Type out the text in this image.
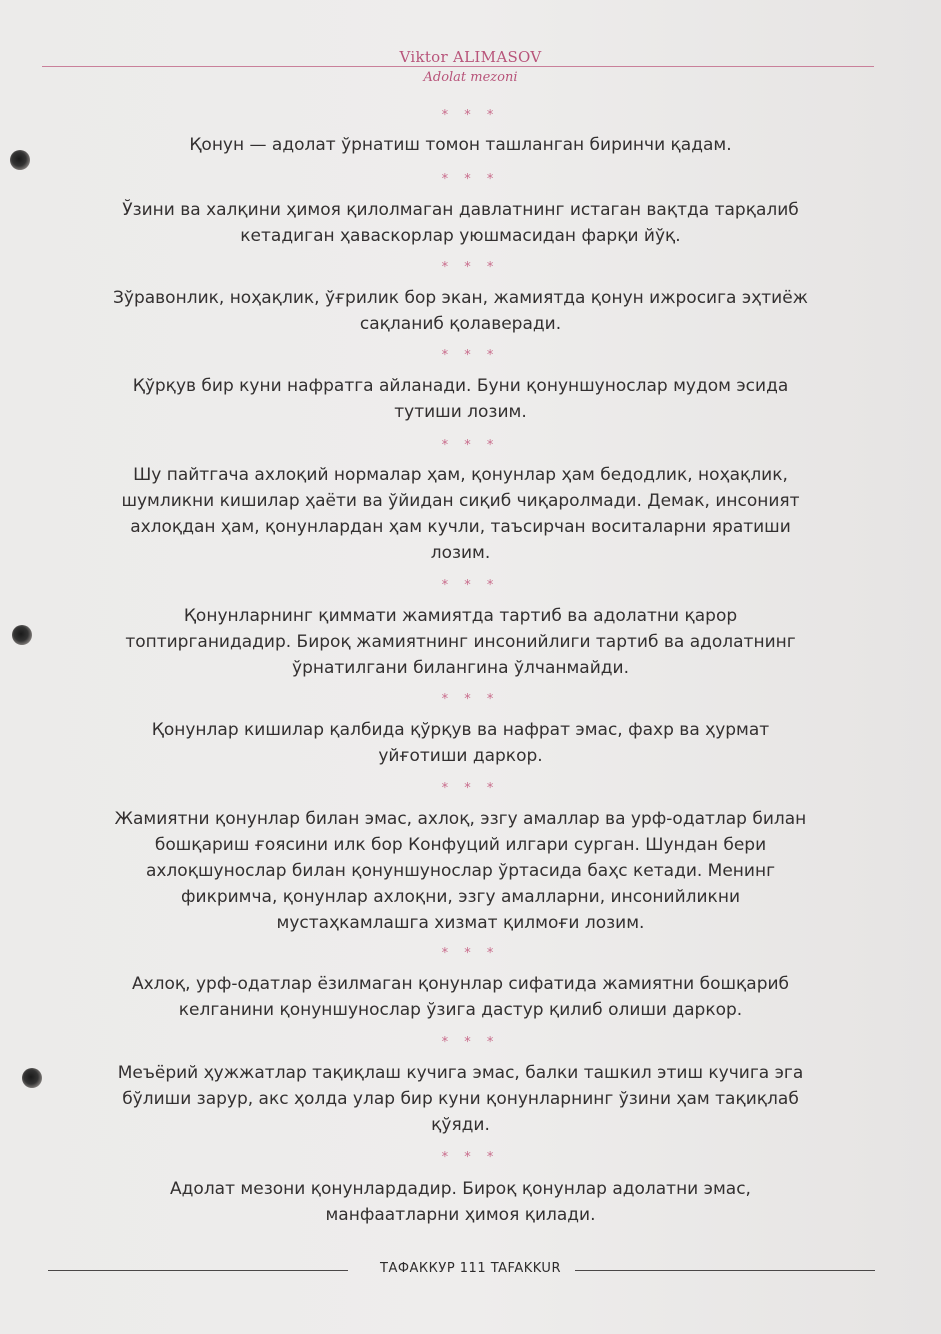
Viktor ALIMASOV
Adolat mezoni
* * *
Қонун — адолат ўрнатиш томон ташланган биринчи қадам.
* * *
Ўзини ва халқини ҳимоя қилолмаган давлатнинг истаган вақтда тарқалиб кетадиган ҳаваскорлар уюшмасидан фарқи йўқ.
* * *
Зўравонлик, ноҳақлик, ўғрилик бор экан, жамиятда қонун ижросига эҳтиёж сақланиб қолаверади.
* * *
Қўрқув бир куни нафратга айланади. Буни қонуншунослар мудом эсида тутиши лозим.
* * *
Шу пайтгача ахлоқий нормалар ҳам, қонунлар ҳам бедодлик, ноҳақлик, шумликни кишилар ҳаёти ва ўйидан сиқиб чиқаролмади. Демак, инсоният ахлоқдан ҳам, қонунлардан ҳам кучли, таъсирчан воситаларни яратиши лозим.
* * *
Қонунларнинг қиммати жамиятда тартиб ва адолатни қарор топтирганидадир. Бироқ жамиятнинг инсонийлиги тартиб ва адолатнинг ўрнатилгани билангина ўлчанмайди.
* * *
Қонунлар кишилар қалбида қўрқув ва нафрат эмас, фахр ва ҳурмат уйғотиши даркор.
* * *
Жамиятни қонунлар билан эмас, ахлоқ, эзгу амаллар ва урф-одатлар билан бошқариш ғоясини илк бор Конфуций илгари сурган. Шундан бери ахлоқшунослар билан қонуншунослар ўртасида баҳс кетади. Менинг фикримча, қонунлар ахлоқни, эзгу амалларни, инсонийликни мустаҳкамлашга хизмат қилмоғи лозим.
* * *
Ахлоқ, урф-одатлар ёзилмаган қонунлар сифатида жамиятни бошқариб келганини қонуншунослар ўзига дастур қилиб олиши даркор.
* * *
Меъёрий ҳужжатлар тақиқлаш кучига эмас, балки ташкил этиш кучига эга бўлиши зарур, акс ҳолда улар бир куни қонунларнинг ўзини ҳам тақиқлаб қўяди.
* * *
Адолат мезони қонунлардадир. Бироқ қонунлар адолатни эмас, манфаатларни ҳимоя қилади.
ТАФАККУР 111 TAFAKKUR
